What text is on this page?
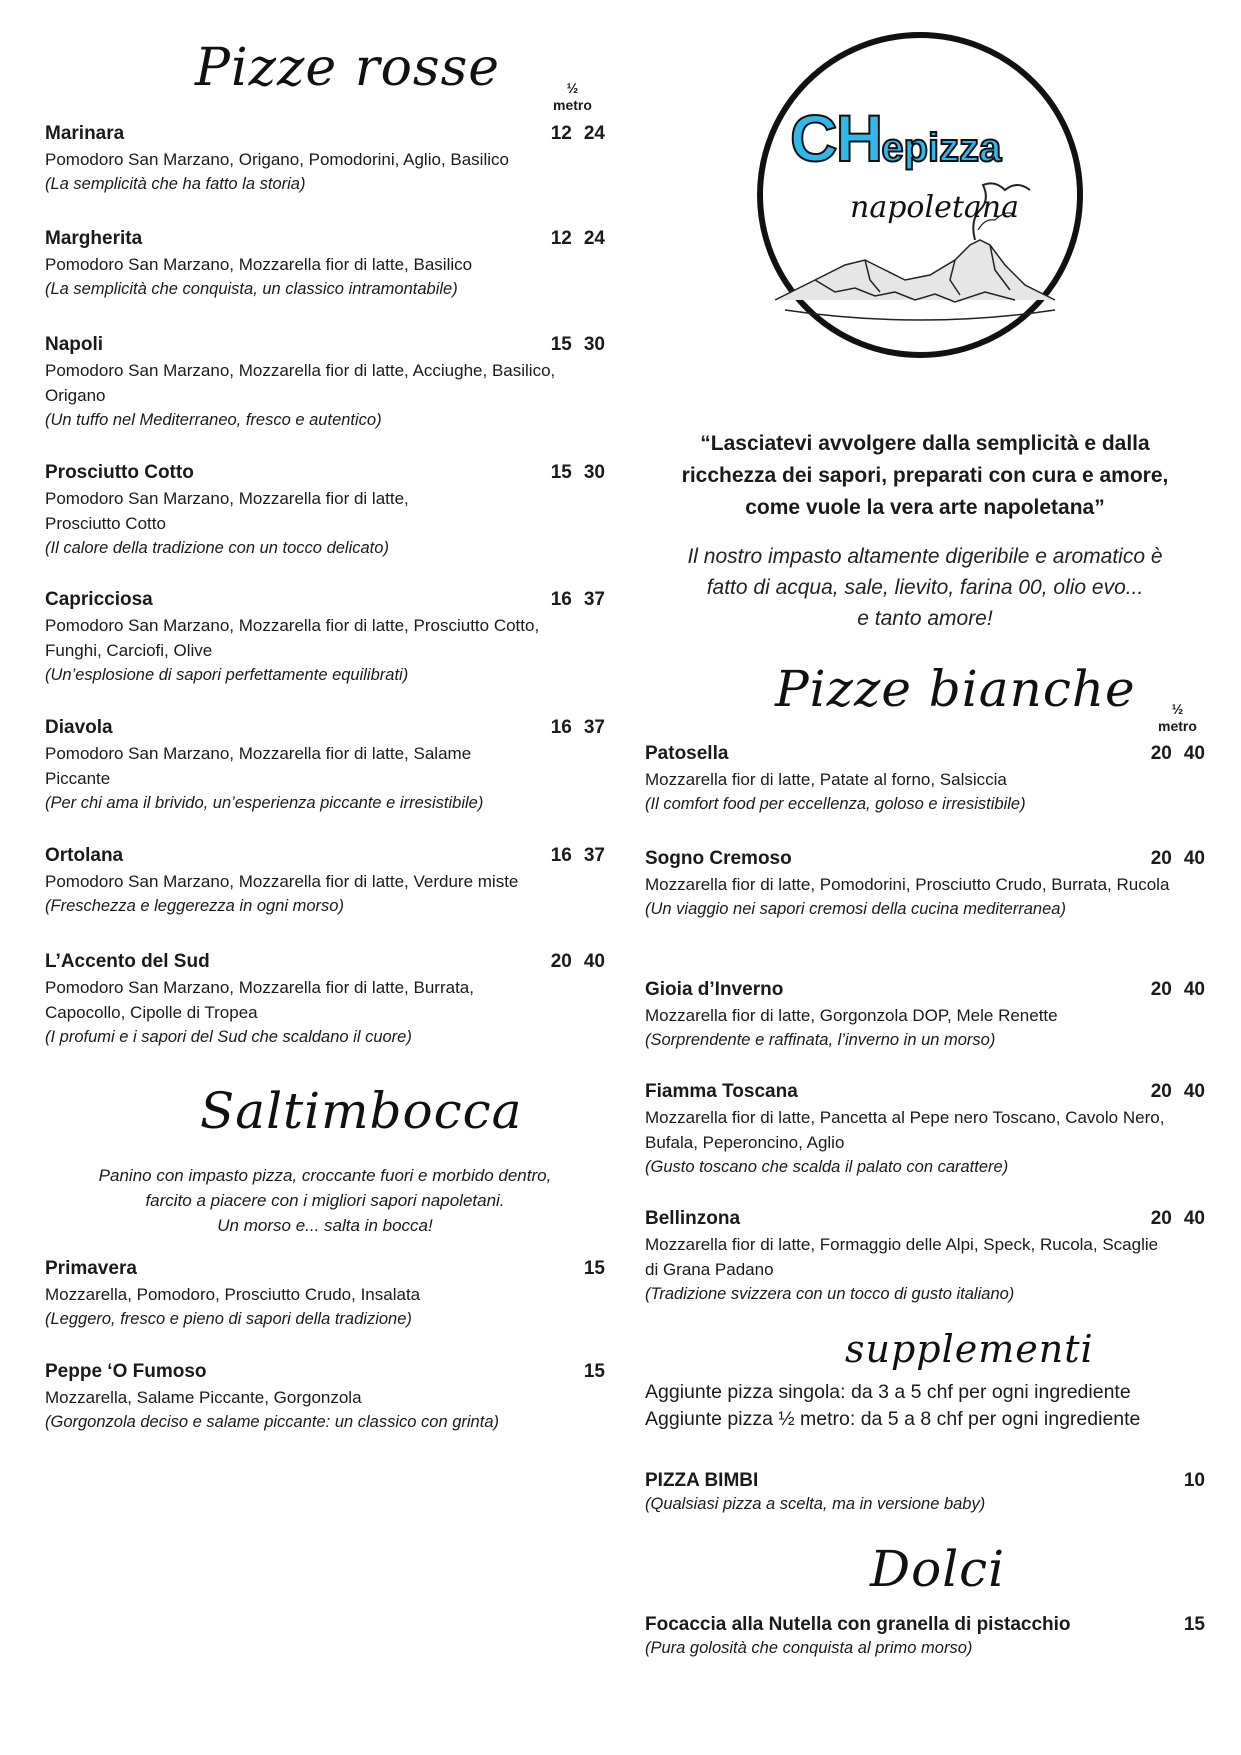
Pizze rosse	½
metro
Marinara	12 24
Pomodoro San Marzano, Origano, Pomodorini, Aglio, Basilico
(La semplicità che ha fatto la storia)
Margherita	12 24
Pomodoro San Marzano, Mozzarella fior di latte, Basilico
(La semplicità che conquista, un classico intramontabile)
Napoli	15 30
Pomodoro San Marzano, Mozzarella fior di latte, Acciughe, Basilico, Origano
(Un tuffo nel Mediterraneo, fresco e autentico)
Prosciutto Cotto	15 30
Pomodoro San Marzano, Mozzarella fior di latte, Prosciutto Cotto
(Il calore della tradizione con un tocco delicato)
Capricciosa	16 37
Pomodoro San Marzano, Mozzarella fior di latte, Prosciutto Cotto, Funghi, Carciofi, Olive
(Un’esplosione di sapori perfettamente equilibrati)
Diavola	16 37
Pomodoro San Marzano, Mozzarella fior di latte, Salame Piccante
(Per chi ama il brivido, un’esperienza piccante e irresistibile)
Ortolana	16 37
Pomodoro San Marzano, Mozzarella fior di latte, Verdure miste
(Freschezza e leggerezza in ogni morso)
L’Accento del Sud	20 40
Pomodoro San Marzano, Mozzarella fior di latte, Burrata, Capocollo, Cipolle di Tropea
(I profumi e i sapori del Sud che scaldano il cuore)
Saltimbocca
Panino con impasto pizza, croccante fuori e morbido dentro,
farcito a piacere con i migliori sapori napoletani.
Un morso e... salta in bocca!
Primavera	15
Mozzarella, Pomodoro, Prosciutto Crudo, Insalata
(Leggero, fresco e pieno di sapori della tradizione)
Peppe ‘O Fumoso	15
Mozzarella, Salame Piccante, Gorgonzola
(Gorgonzola deciso e salame piccante: un classico con grinta)
CHepizza
napoletana
“Lasciatevi avvolgere dalla semplicità e dalla
ricchezza dei sapori, preparati con cura e amore,
come vuole la vera arte napoletana”
Il nostro impasto altamente digeribile e aromatico è
fatto di acqua, sale, lievito, farina 00, olio evo...
e tanto amore!
Pizze bianche	½
metro
Patosella	20 40
Mozzarella fior di latte, Patate al forno, Salsiccia
(Il comfort food per eccellenza, goloso e irresistibile)
Sogno Cremoso	20 40
Mozzarella fior di latte, Pomodorini, Prosciutto Crudo, Burrata, Rucola
(Un viaggio nei sapori cremosi della cucina mediterranea)
Gioia d’Inverno	20 40
Mozzarella fior di latte, Gorgonzola DOP, Mele Renette
(Sorprendente e raffinata, l’inverno in un morso)
Fiamma Toscana	20 40
Mozzarella fior di latte, Pancetta al Pepe nero Toscano, Cavolo Nero, Bufala, Peperoncino, Aglio
(Gusto toscano che scalda il palato con carattere)
Bellinzona	20 40
Mozzarella fior di latte, Formaggio delle Alpi, Speck, Rucola, Scaglie di Grana Padano
(Tradizione svizzera con un tocco di gusto italiano)
supplementi
Aggiunte pizza singola: da 3 a 5 chf per ogni ingrediente
Aggiunte pizza ½ metro: da 5 a 8 chf per ogni ingrediente
PIZZA BIMBI	10
(Qualsiasi pizza a scelta, ma in versione baby)
Dolci
Focaccia alla Nutella con granella di pistacchio	15
(Pura golosità che conquista al primo morso)
